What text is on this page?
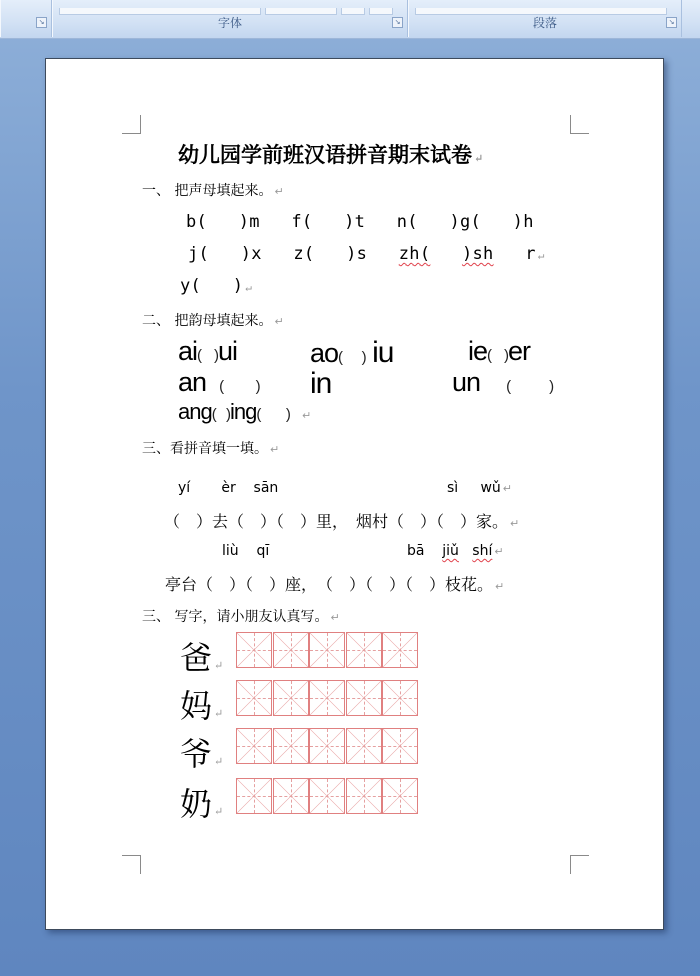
↘	字体	↘	段落	↘
幼儿园学前班汉语拼音期末试卷 ↵
一、 把声母填起来。 ↵
b( )m f( )t n( )g( )h
j( )x z( )s zh( )sh r ↵
y( ) ↵
二、 把韵母填起来。 ↵
ai( )ui	ao( ) iu	ie( )er
an ( ) in	un (	)
ang( )ing( ) ↵
三、看拼音填一填。 ↵
yí èr sān	sì wǔ ↵
（　）去（　）（　）里，　烟村（　）（　）家。 ↵
liù qī	bā jiǔ shí ↵
亭台（　）（　）座，　（　）（　）（　）枝花。 ↵
三、 写字，请小朋友认真写。 ↵
爸 ↵
妈 ↵
爷 ↵
奶 ↵
